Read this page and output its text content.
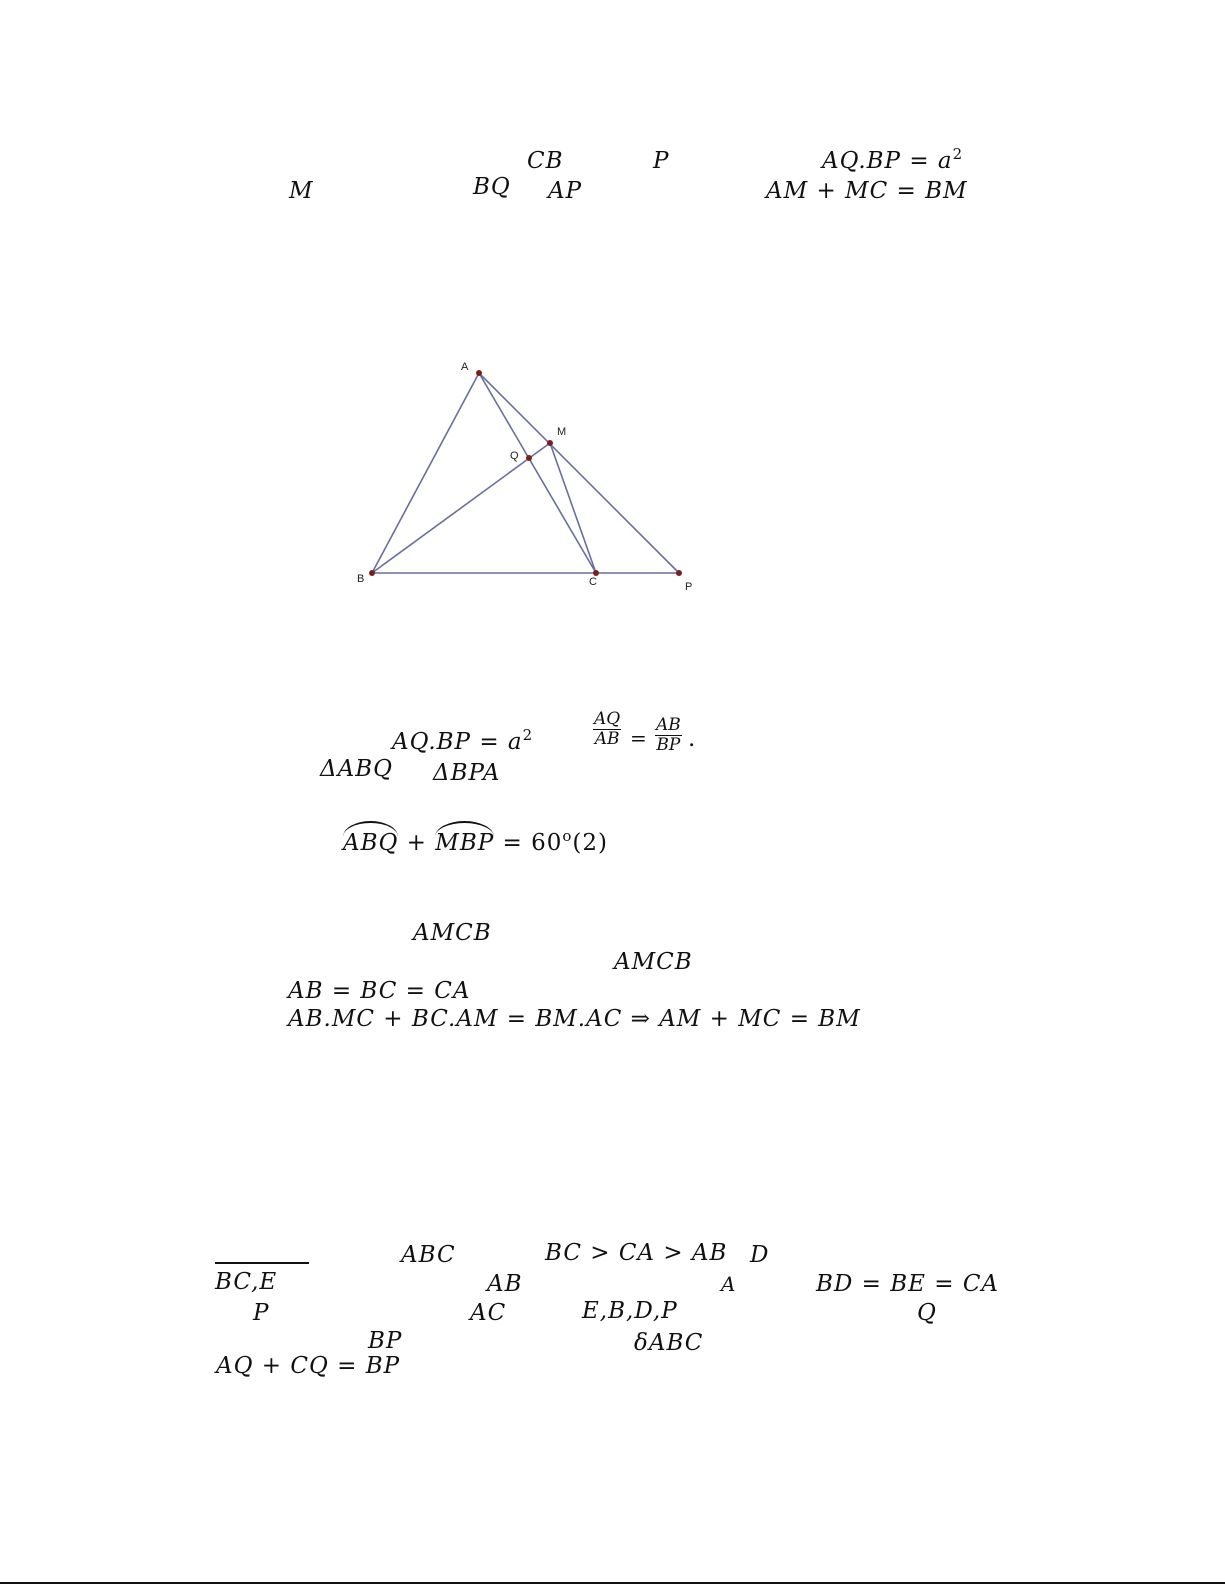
CB	P	$AQ.BP = a^2$
M	BQ AP	AM + MC = BM
A
M
Q
B	C	P
$AQ.BP = a^2$	$\frac{AQ}{AB} = \frac{AB}{BP}$ .
ΔABQ ΔBPA
ABQ + MBP = $60^o(2)$
AMCB
AMCB
AB = BC = CA
AB.MC + BC.AM = BM.AC ⇒ AM + MC = BM
ABC	BC > CA > AB D
BC,E	AB	A	BD = BE = CA
P	AC	E,B,D,P	Q
BP	δABC
AQ + CQ = BP
